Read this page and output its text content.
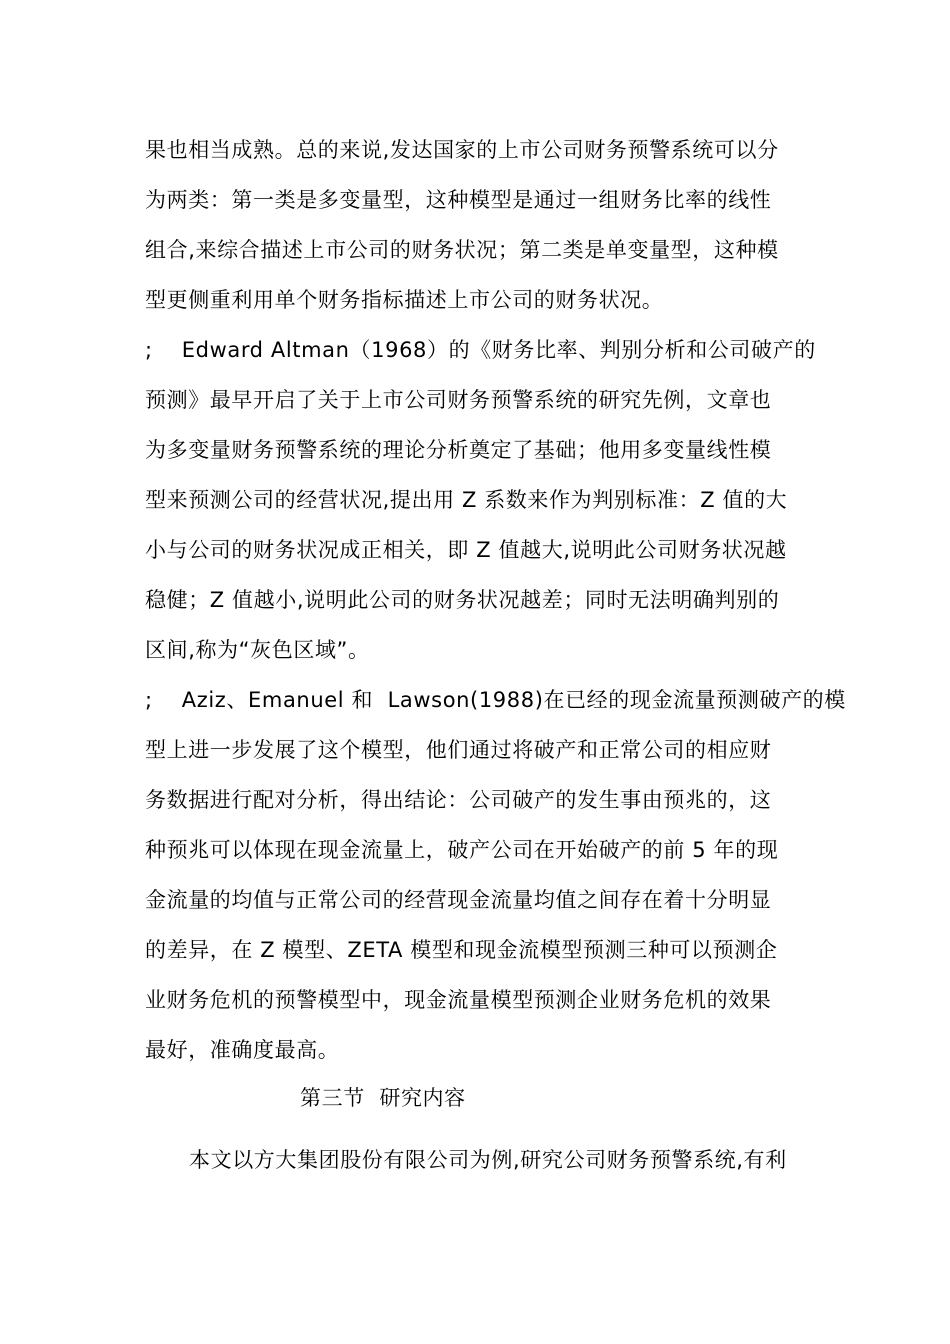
果也相当成熟。总的来说,发达国家的上市公司财务预警系统可以分
为两类：第一类是多变量型，这种模型是通过一组财务比率的线性
组合,来综合描述上市公司的财务状况；第二类是单变量型，这种模
型更侧重利用单个财务指标描述上市公司的财务状况。
;    Edward Altman（1968）的《财务比率、判别分析和公司破产的
预测》最早开启了关于上市公司财务预警系统的研究先例，文章也
为多变量财务预警系统的理论分析奠定了基础；他用多变量线性模
型来预测公司的经营状况,提出用 Z 系数来作为判别标准：Z 值的大
小与公司的财务状况成正相关，即 Z 值越大,说明此公司财务状况越
稳健；Z 值越小,说明此公司的财务状况越差；同时无法明确判别的
区间,称为“灰色区域”。
;    Aziz、Emanuel 和  Lawson(1988)在已经的现金流量预测破产的模
型上进一步发展了这个模型，他们通过将破产和正常公司的相应财
务数据进行配对分析，得出结论：公司破产的发生事由预兆的，这
种预兆可以体现在现金流量上，破产公司在开始破产的前 5 年的现
金流量的均值与正常公司的经营现金流量均值之间存在着十分明显
的差异，在 Z 模型、ZETA 模型和现金流模型预测三种可以预测企
业财务危机的预警模型中，现金流量模型预测企业财务危机的效果
最好，准确度最高。
第三节  研究内容
本文以方大集团股份有限公司为例,研究公司财务预警系统,有利
